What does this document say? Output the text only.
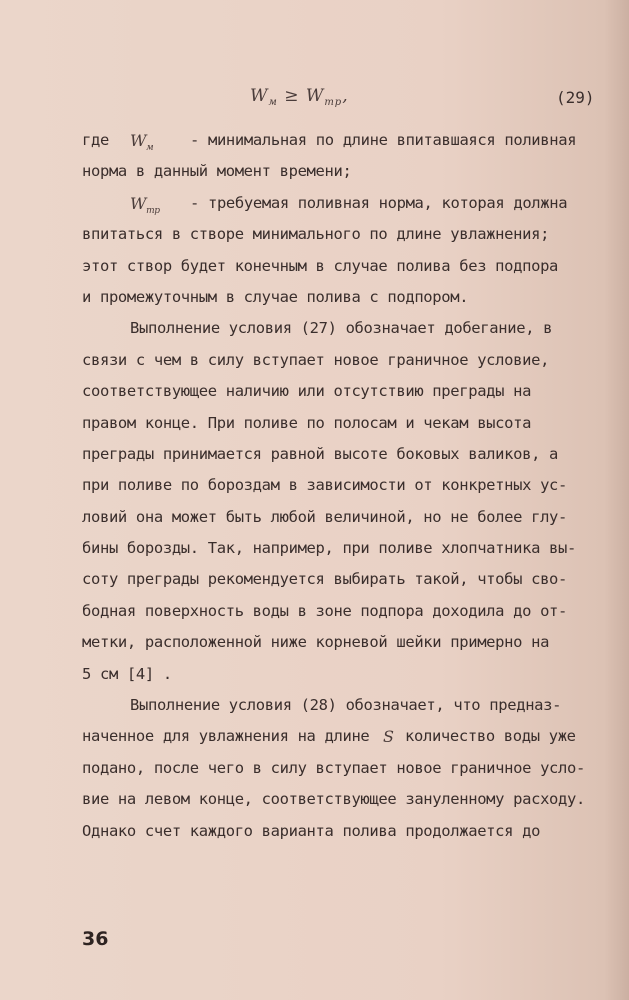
$W_м \ge W_{тр}$,	(29)

где

$W_м$

- минимальная по длине впитавшаяся поливная

норма в данный момент времени;

$W_{тр}$

- требуемая поливная норма, которая должна

впитаться в створе минимального по длине увлажнения;

этот створ будет конечным в случае полива без подпора

и промежуточным в случае полива с подпором.

Выполнение условия (27) обозначает добегание, в
связи с чем в силу вступает новое граничное условие,
соответствующее наличию или отсутствию преграды на
правом конце. При поливе по полосам и чекам высота
преграды принимается равной высоте боковых валиков, а
при поливе по бороздам в зависимости от конкретных ус-
ловий она может быть любой величиной, но не более глу-
бины борозды. Так, например, при поливе хлопчатника вы-
соту преграды рекомендуется выбирать такой, чтобы сво-
бодная поверхность воды в зоне подпора доходила до от-
метки, расположенной ниже корневой шейки примерно на
5 см [4] .
Выполнение условия (28) обозначает, что предназ-

наченное для увлажнения на длине

S

количество воды уже

подано, после чего в силу вступает новое граничное усло-
вие на левом конце, соответствующее зануленному расходу.
Однако счет каждого варианта полива продолжается до
36
